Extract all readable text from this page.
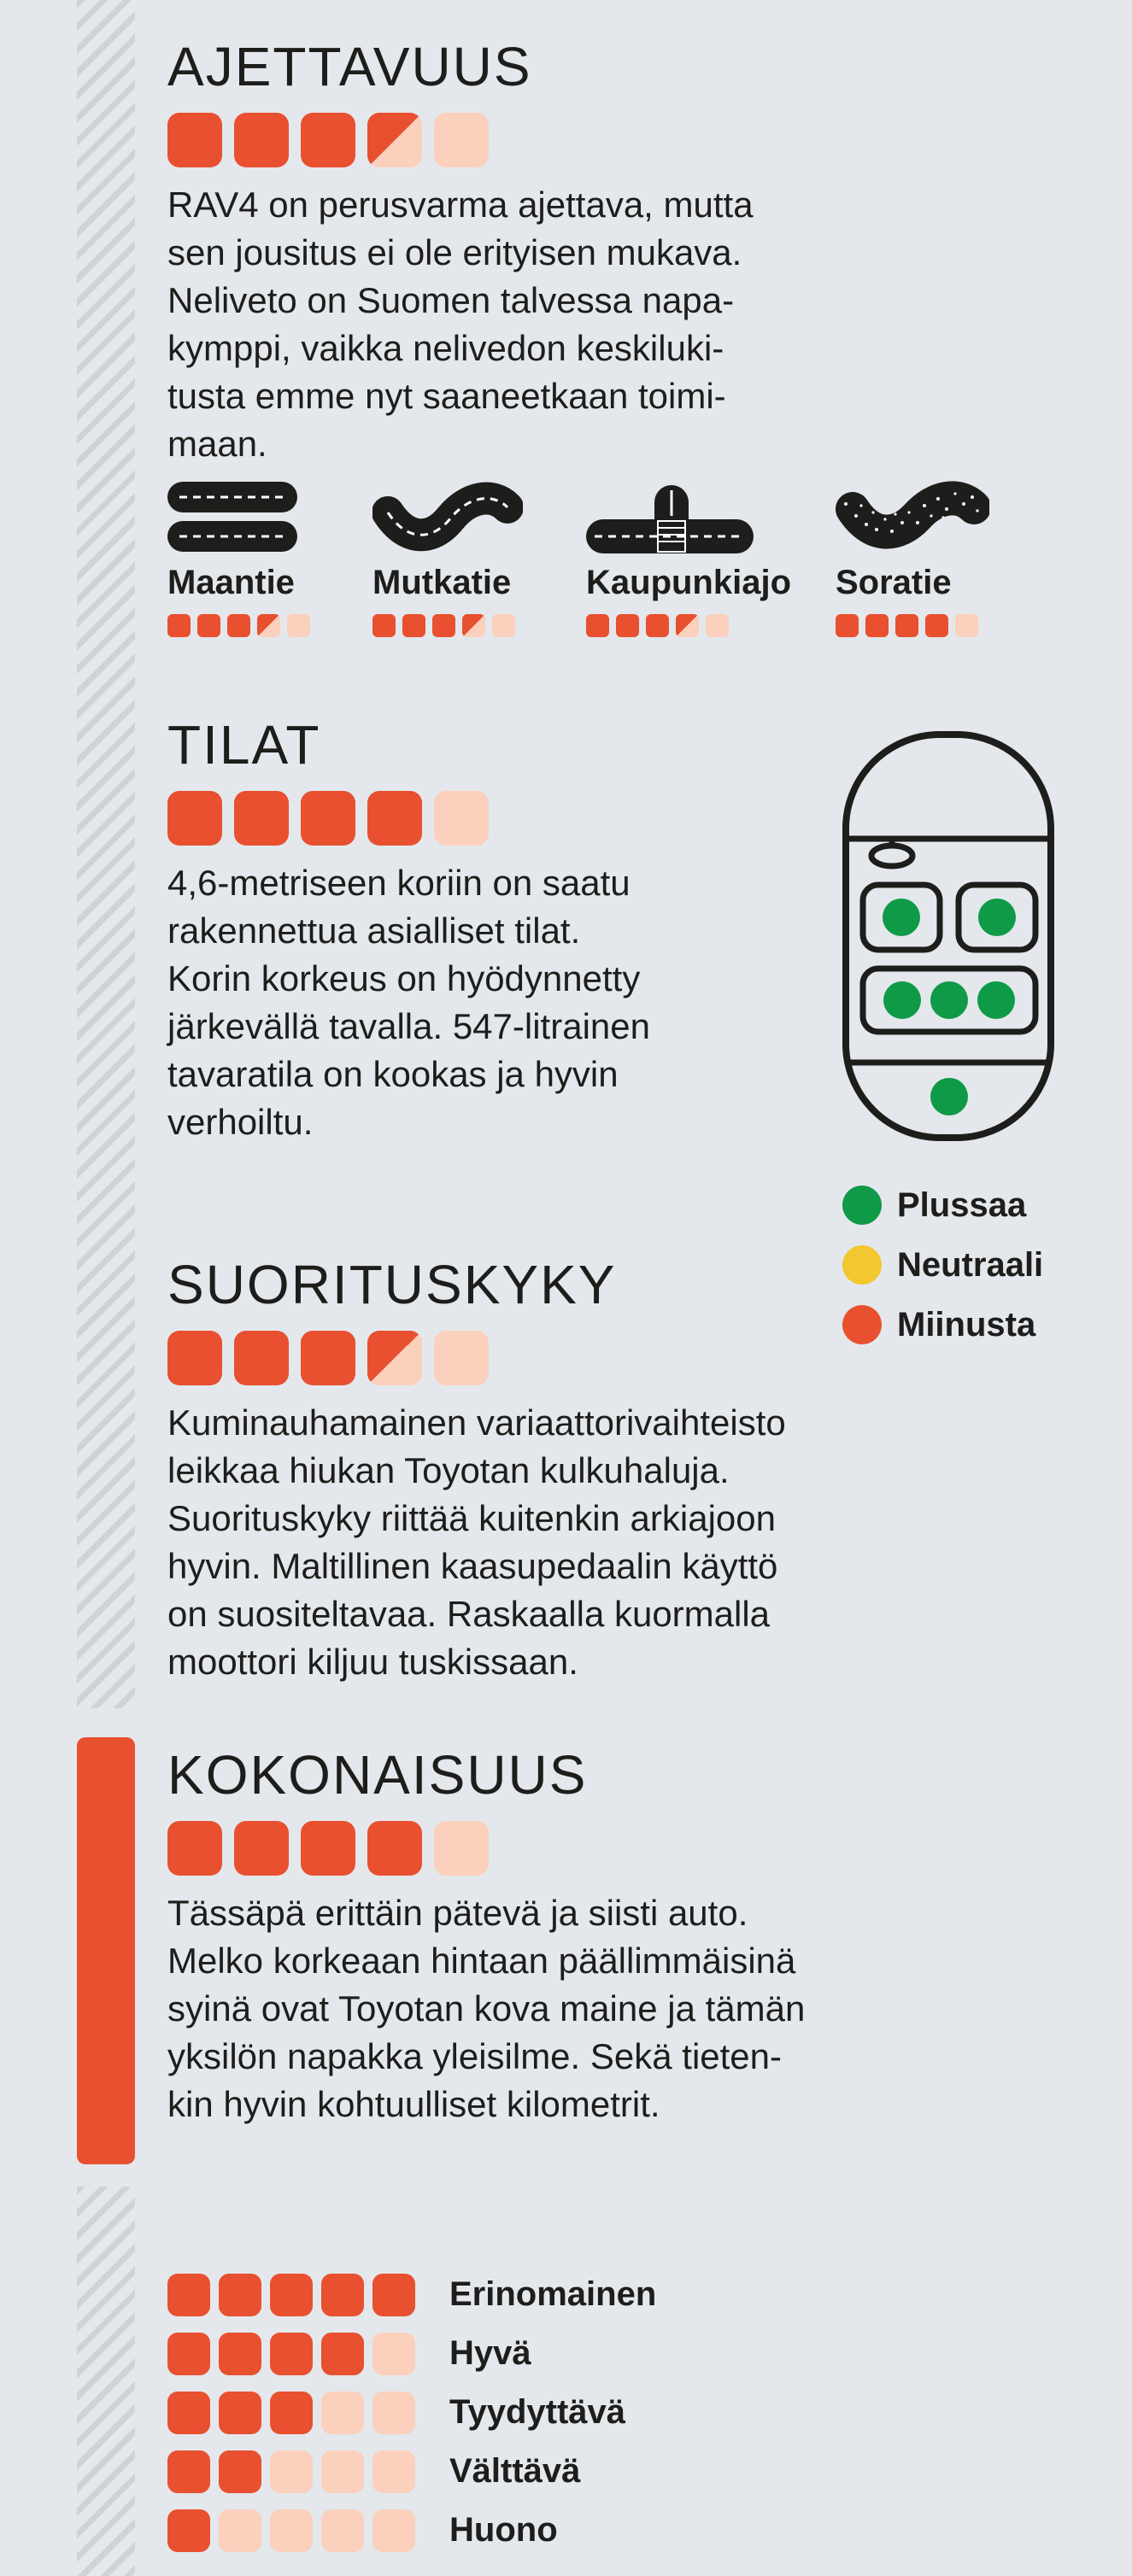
AJETTAVUUS
RAV4 on perusvarma ajettava, mutta
sen jousitus ei ole erityisen mukava.
Neliveto on Suomen talvessa napa-
kymppi, vaikka nelivedon keskiluki-
tusta emme nyt saaneetkaan toimi-
maan.
Maantie	Mutkatie	Kaupunkiajo Soratie
TILAT
4,6-metriseen koriin on saatu
rakennettua asialliset tilat.
Korin korkeus on hyödynnetty
järkevällä tavalla. 547-litrainen
tavaratila on kookas ja hyvin
verhoiltu.
Plussaa
Neutraali
Miinusta
SUORITUSKYKY
Kuminauhamainen variaattorivaihteisto
leikkaa hiukan Toyotan kulkuhaluja.
Suorituskyky riittää kuitenkin arkiajoon
hyvin. Maltillinen kaasupedaalin käyttö
on suositeltavaa. Raskaalla kuormalla
moottori kiljuu tuskissaan.
KOKONAISUUS
Tässäpä erittäin pätevä ja siisti auto.
Melko korkeaan hintaan päällimmäisinä
syinä ovat Toyotan kova maine ja tämän
yksilön napakka yleisilme. Sekä tieten-
kin hyvin kohtuulliset kilometrit.
Erinomainen
Hyvä
Tyydyttävä
Välttävä
Huono
